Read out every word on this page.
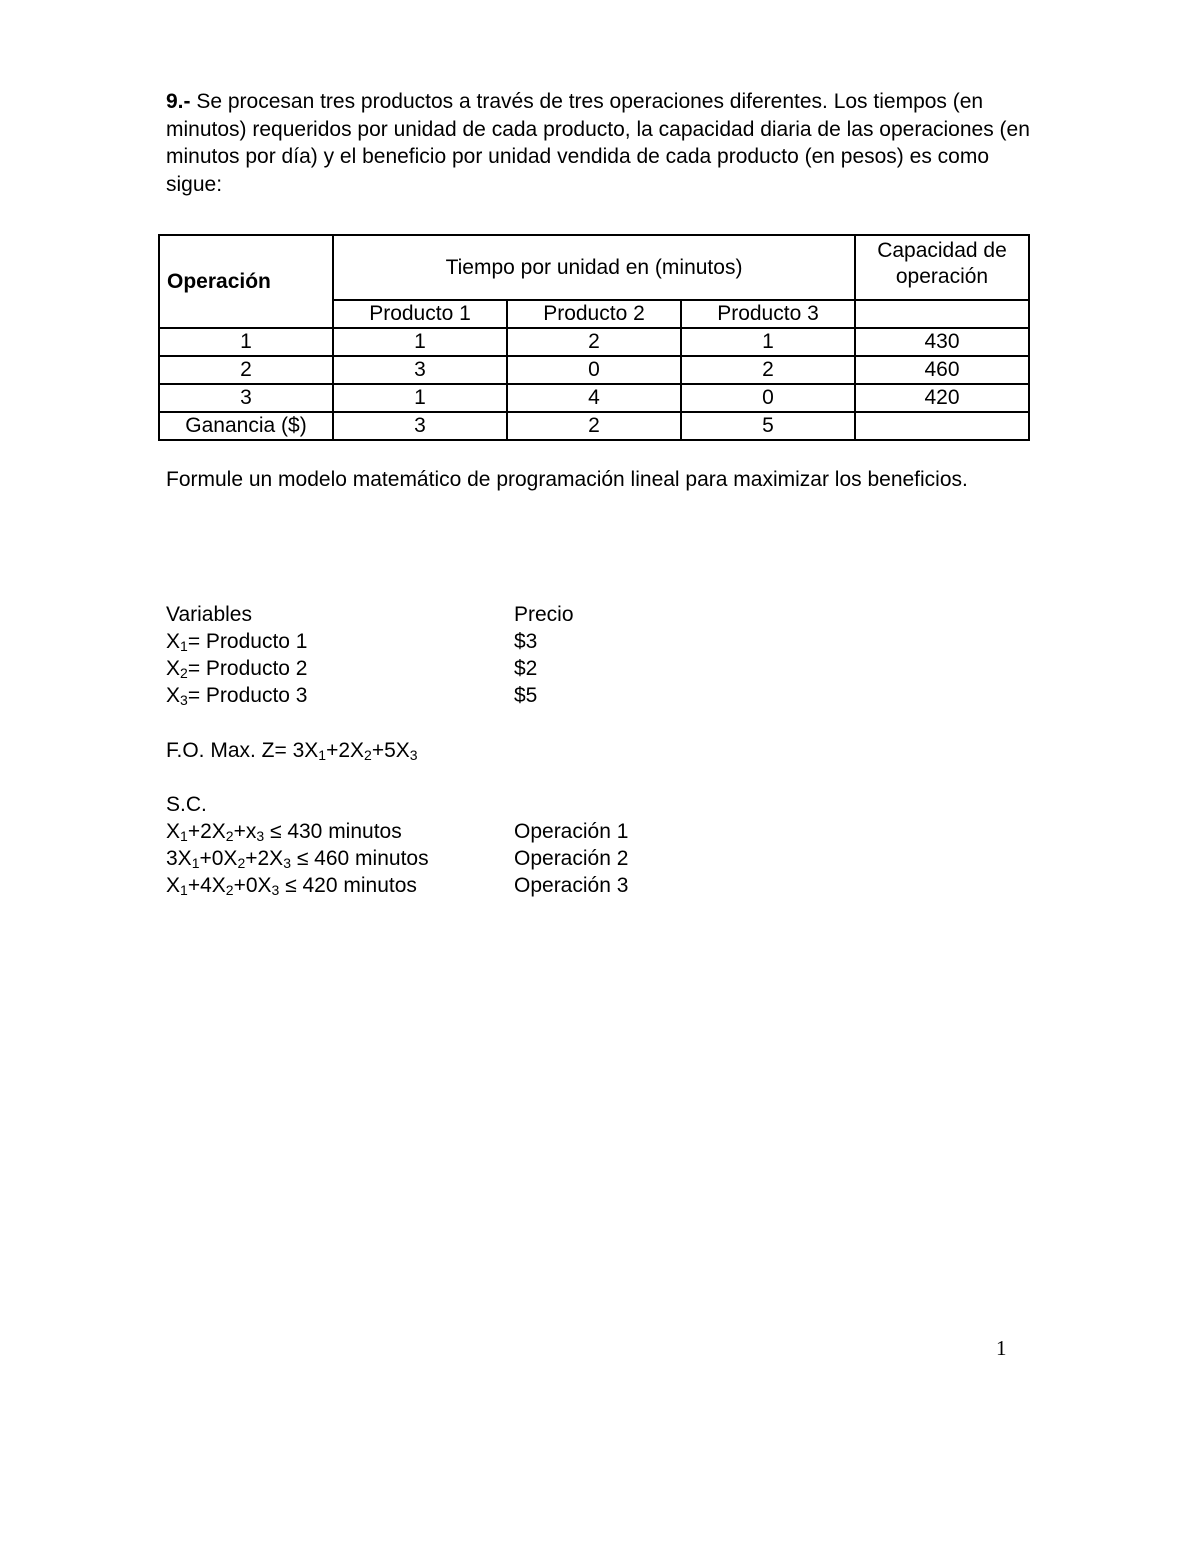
9.- Se procesan tres productos a través de tres operaciones diferentes. Los tiempos (en minutos) requeridos por unidad de cada producto, la capacidad diaria de las operaciones (en minutos por día) y el beneficio por unidad vendida de cada producto (en pesos) es como sigue:

Operación	Tiempo por unidad en (minutos)			Capacidad de operación
	Producto 1	Producto 2	Producto 3	
1	1	2	1	430
2	3	0	2	460
3	1	4	0	420
Ganancia ($)	3	2	5	

Formule un modelo matemático de programación lineal para maximizar los beneficios.

Variables	Precio
$X_1=$ Producto 1	$3
$X_2=$ Producto 2	$2
$X_3=$ Producto 3	$5
F.O. Max. $Z= 3X_1+2X_2+5X_3$
S.C.
$X_1+2X_2+x_3 \le 430$ minutos	Operación 1
$3X_1+0X_2+2X_3 \le 460$ minutos	Operación 2
$X_1+4X_2+0X_3 \le 420$ minutos	Operación 3
1
